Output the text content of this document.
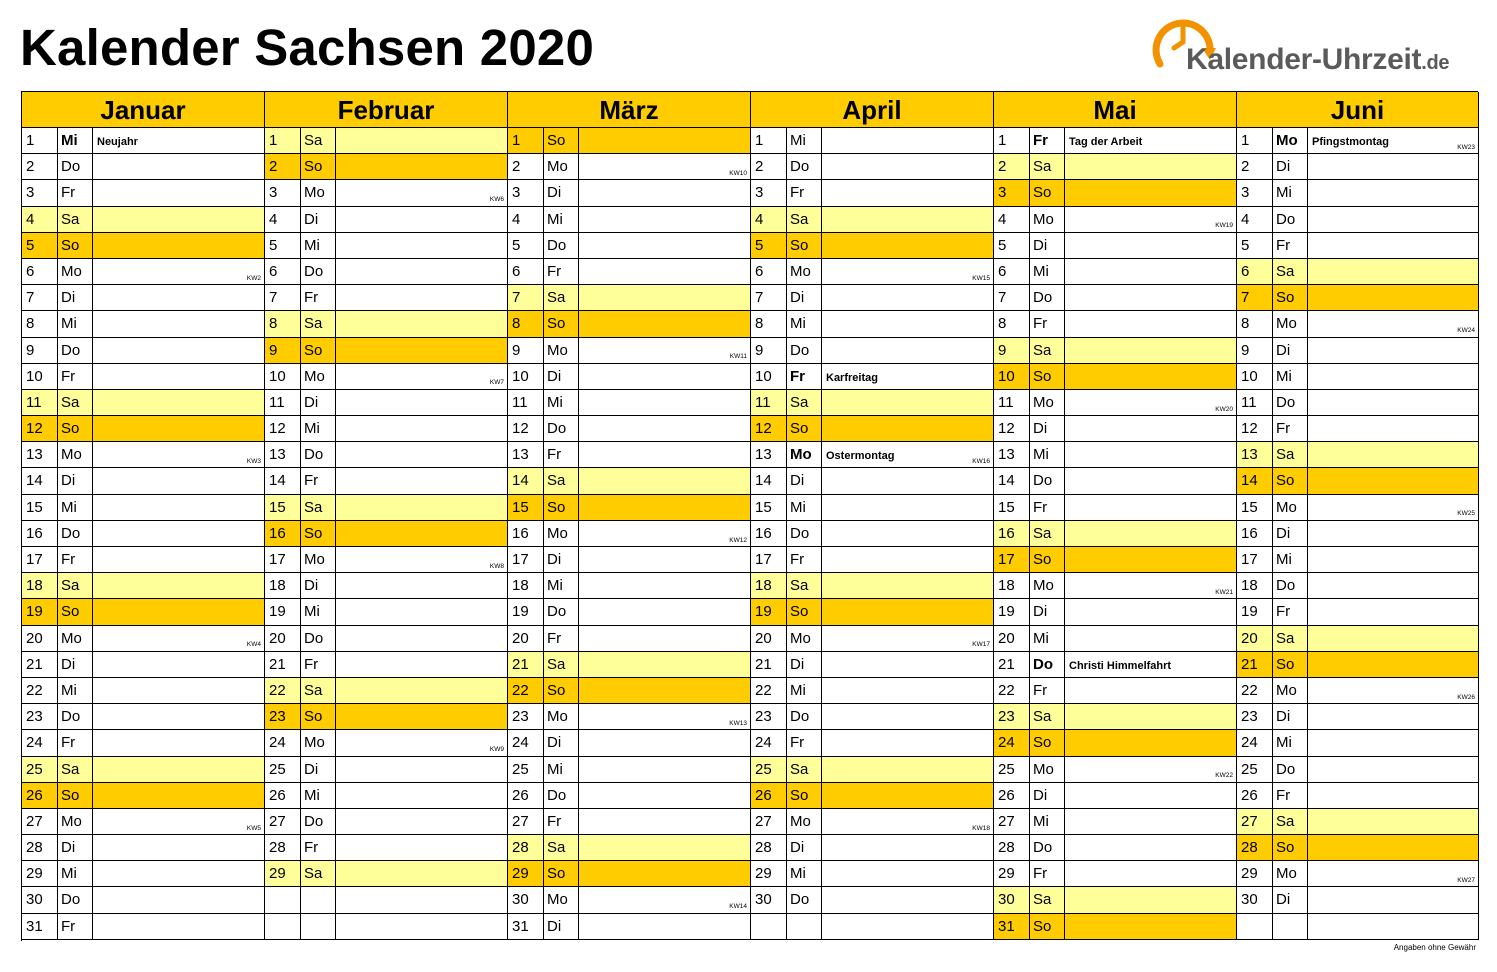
Kalender Sachsen 2020	Kalender-Uhrzeit.de
Januar
1	Mi	Neujahr
2	Do
3	Fr
4	Sa
5	So
6	Mo	KW2
7	Di
8	Mi
9	Do
10	Fr
11	Sa
12	So
13	Mo	KW3
14	Di
15	Mi
16	Do
17	Fr
18	Sa
19	So
20	Mo	KW4
21	Di
22	Mi
23	Do
24	Fr
25	Sa
26	So
27	Mo	KW5
28	Di
29	Mi
30	Do
31	Fr
Februar
1	Sa
2	So
3	Mo	KW6
4	Di
5	Mi
6	Do
7	Fr
8	Sa
9	So
10	Mo	KW7
11	Di
12	Mi
13	Do
14	Fr
15	Sa
16	So
17	Mo	KW8
18	Di
19	Mi
20	Do
21	Fr
22	Sa
23	So
24	Mo	KW9
25	Di
26	Mi
27	Do
28	Fr
29	Sa
März
1	So
2	Mo	KW10
3	Di
4	Mi
5	Do
6	Fr
7	Sa
8	So
9	Mo	KW11
10	Di
11	Mi
12	Do
13	Fr
14	Sa
15	So
16	Mo	KW12
17	Di
18	Mi
19	Do
20	Fr
21	Sa
22	So
23	Mo	KW13
24	Di
25	Mi
26	Do
27	Fr
28	Sa
29	So
30	Mo	KW14
31	Di
April
1	Mi
2	Do
3	Fr
4	Sa
5	So
6	Mo	KW15
7	Di
8	Mi
9	Do
10	Fr	Karfreitag
11	Sa
12	So
13	Mo	Ostermontag	KW16
14	Di
15	Mi
16	Do
17	Fr
18	Sa
19	So
20	Mo	KW17
21	Di
22	Mi
23	Do
24	Fr
25	Sa
26	So
27	Mo	KW18
28	Di
29	Mi
30	Do
Mai
1	Fr	Tag der Arbeit
2	Sa
3	So
4	Mo	KW19
5	Di
6	Mi
7	Do
8	Fr
9	Sa
10	So
11	Mo	KW20
12	Di
13	Mi
14	Do
15	Fr
16	Sa
17	So
18	Mo	KW21
19	Di
20	Mi
21	Do	Christi Himmelfahrt
22	Fr
23	Sa
24	So
25	Mo	KW22
26	Di
27	Mi
28	Do
29	Fr
30	Sa
31	So
Juni
1	Mo	Pfingstmontag	KW23
2	Di
3	Mi
4	Do
5	Fr
6	Sa
7	So
8	Mo	KW24
9	Di
10	Mi
11	Do
12	Fr
13	Sa
14	So
15	Mo	KW25
16	Di
17	Mi
18	Do
19	Fr
20	Sa
21	So
22	Mo	KW26
23	Di
24	Mi
25	Do
26	Fr
27	Sa
28	So
29	Mo	KW27
30	Di
Angaben ohne Gewähr
